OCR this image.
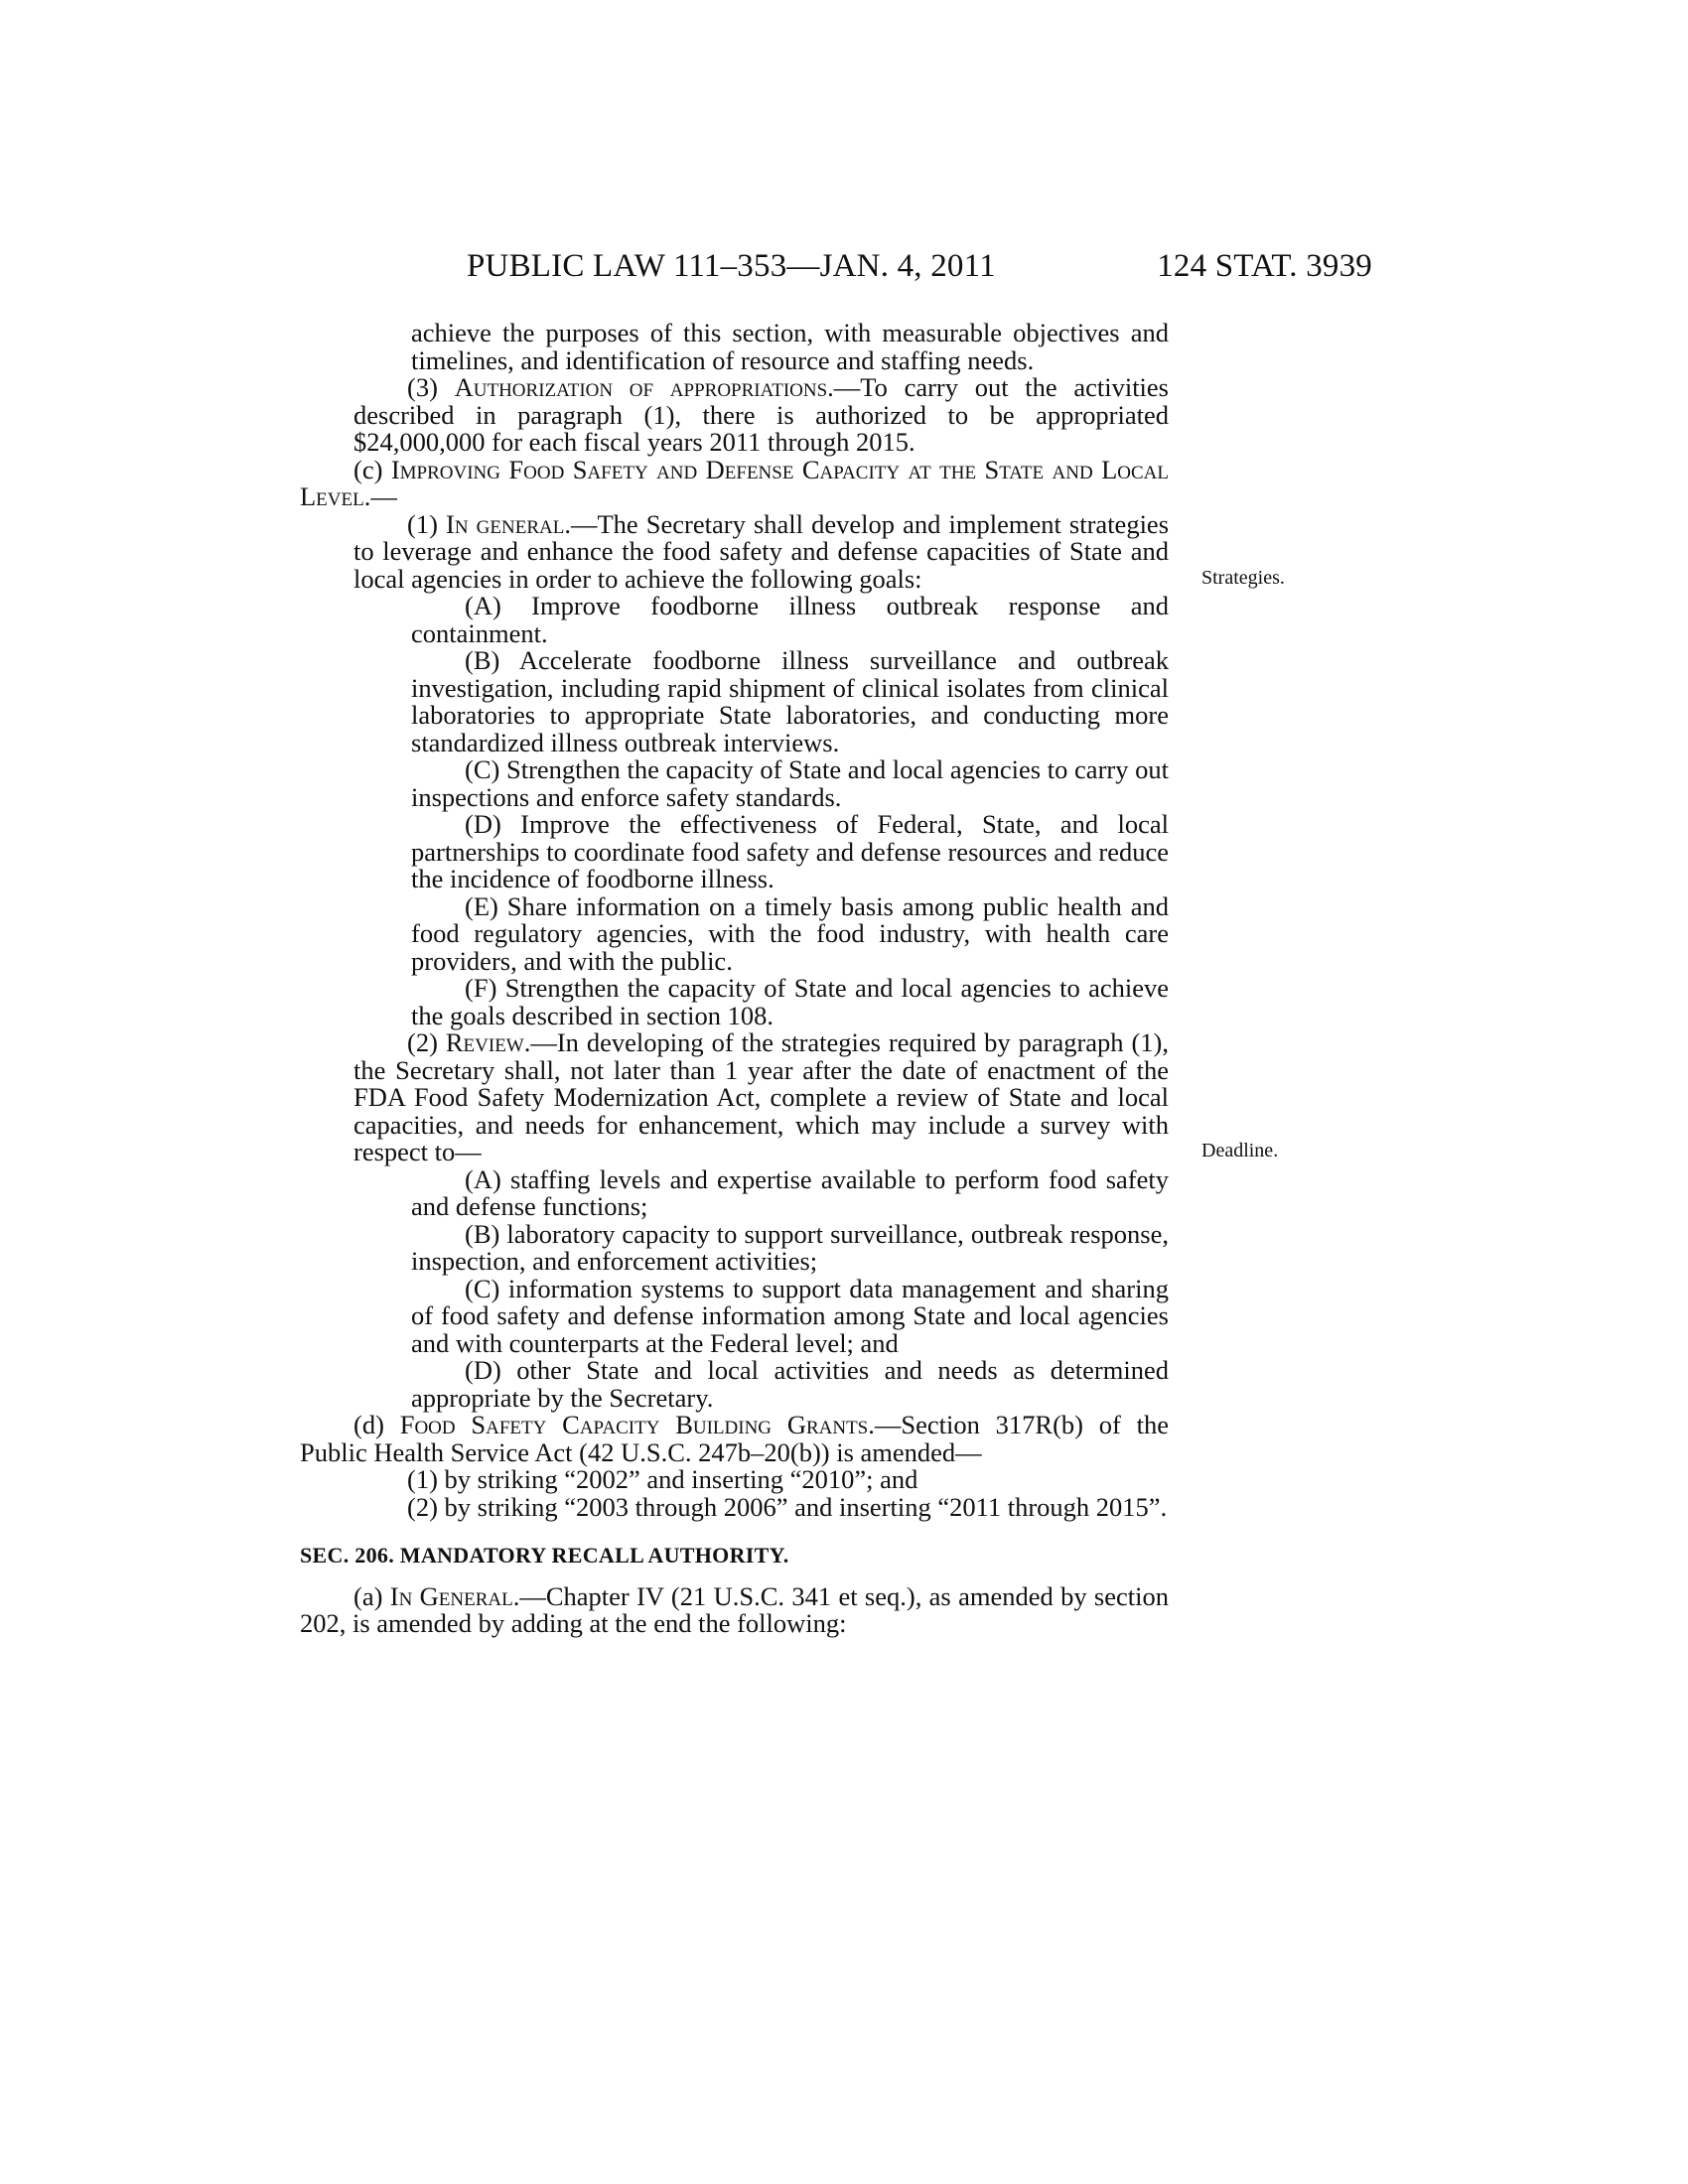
PUBLIC LAW 111–353—JAN. 4, 2011	124 STAT. 3939
Strategies.
Deadline.

achieve the purposes of this section, with measurable objectives and timelines, and identification of resource and staffing needs.

(3) Authorization of appropriations.—To carry out the activities described in paragraph (1), there is authorized to be appropriated $24,000,000 for each fiscal years 2011 through 2015.

(c) Improving Food Safety and Defense Capacity at the State and Local Level.—

(1) In general.—The Secretary shall develop and implement strategies to leverage and enhance the food safety and defense capacities of State and local agencies in order to achieve the following goals:

(A) Improve foodborne illness outbreak response and containment.

(B) Accelerate foodborne illness surveillance and outbreak investigation, including rapid shipment of clinical isolates from clinical laboratories to appropriate State laboratories, and conducting more standardized illness outbreak interviews.

(C) Strengthen the capacity of State and local agencies to carry out inspections and enforce safety standards.

(D) Improve the effectiveness of Federal, State, and local partnerships to coordinate food safety and defense resources and reduce the incidence of foodborne illness.

(E) Share information on a timely basis among public health and food regulatory agencies, with the food industry, with health care providers, and with the public.

(F) Strengthen the capacity of State and local agencies to achieve the goals described in section 108.

(2) Review.—In developing of the strategies required by paragraph (1), the Secretary shall, not later than 1 year after the date of enactment of the FDA Food Safety Modernization Act, complete a review of State and local capacities, and needs for enhancement, which may include a survey with respect to—

(A) staffing levels and expertise available to perform food safety and defense functions;

(B) laboratory capacity to support surveillance, outbreak response, inspection, and enforcement activities;

(C) information systems to support data management and sharing of food safety and defense information among State and local agencies and with counterparts at the Federal level; and

(D) other State and local activities and needs as determined appropriate by the Secretary.

(d) Food Safety Capacity Building Grants.—Section 317R(b) of the Public Health Service Act (42 U.S.C. 247b–20(b)) is amended—

(1) by striking “2002” and inserting “2010”; and

(2) by striking “2003 through 2006” and inserting “2011 through 2015”.

SEC. 206. MANDATORY RECALL AUTHORITY.

(a) In General.—Chapter IV (21 U.S.C. 341 et seq.), as amended by section 202, is amended by adding at the end the following:
